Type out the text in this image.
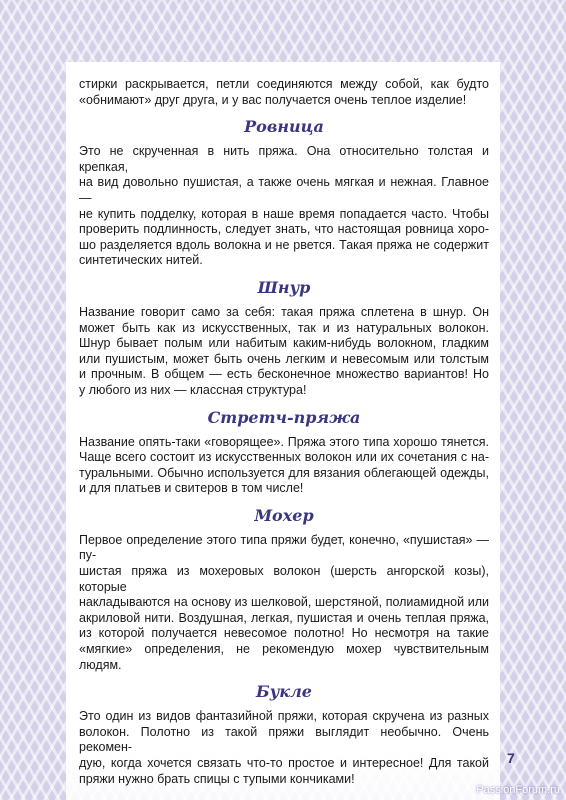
стирки раскрывается, петли соединяются между собой, как будто

«обнимают» друг друга, и у вас получается очень теплое изделие!

Ровница

Это не скрученная в нить пряжа. Она относительно толстая и крепкая,

на вид довольно пушистая, а также очень мягкая и нежная. Главное —

не купить подделку, которая в наше время попадается часто. Чтобы

проверить подлинность, следует знать, что настоящая ровница хоро-

шо разделяется вдоль волокна и не рвется. Такая пряжа не содержит

синтетических нитей.

Шнур

Название говорит само за себя: такая пряжа сплетена в шнур. Он

может быть как из искусственных, так и из натуральных волокон.

Шнур бывает полым или набитым каким-нибудь волокном, гладким

или пушистым, может быть очень легким и невесомым или толстым

и прочным. В общем — есть бесконечное множество вариантов! Но

у любого из них — классная структура!

Стретч-пряжа

Название опять-таки «говорящее». Пряжа этого типа хорошо тянется.

Чаще всего состоит из искусственных волокон или их сочетания с на-

туральными. Обычно используется для вязания облегающей одежды,

и для платьев и свитеров в том числе!

Мохер

Первое определение этого типа пряжи будет, конечно, «пушистая» — пу-

шистая пряжа из мохеровых волокон (шерсть ангорской козы), которые

накладываются на основу из шелковой, шерстяной, полиамидной или

акриловой нити. Воздушная, легкая, пушистая и очень теплая пряжа,

из которой получается невесомое полотно! Но несмотря на такие

«мягкие» определения, не рекомендую мохер чувствительным людям.

Букле

Это один из видов фантазийной пряжи, которая скручена из разных

волокон. Полотно из такой пряжи выглядит необычно. Очень рекомен-

дую, когда хочется связать что-то простое и интересное! Для такой

пряжи нужно брать спицы с тупыми кончиками!

7
PassionForum.ru
